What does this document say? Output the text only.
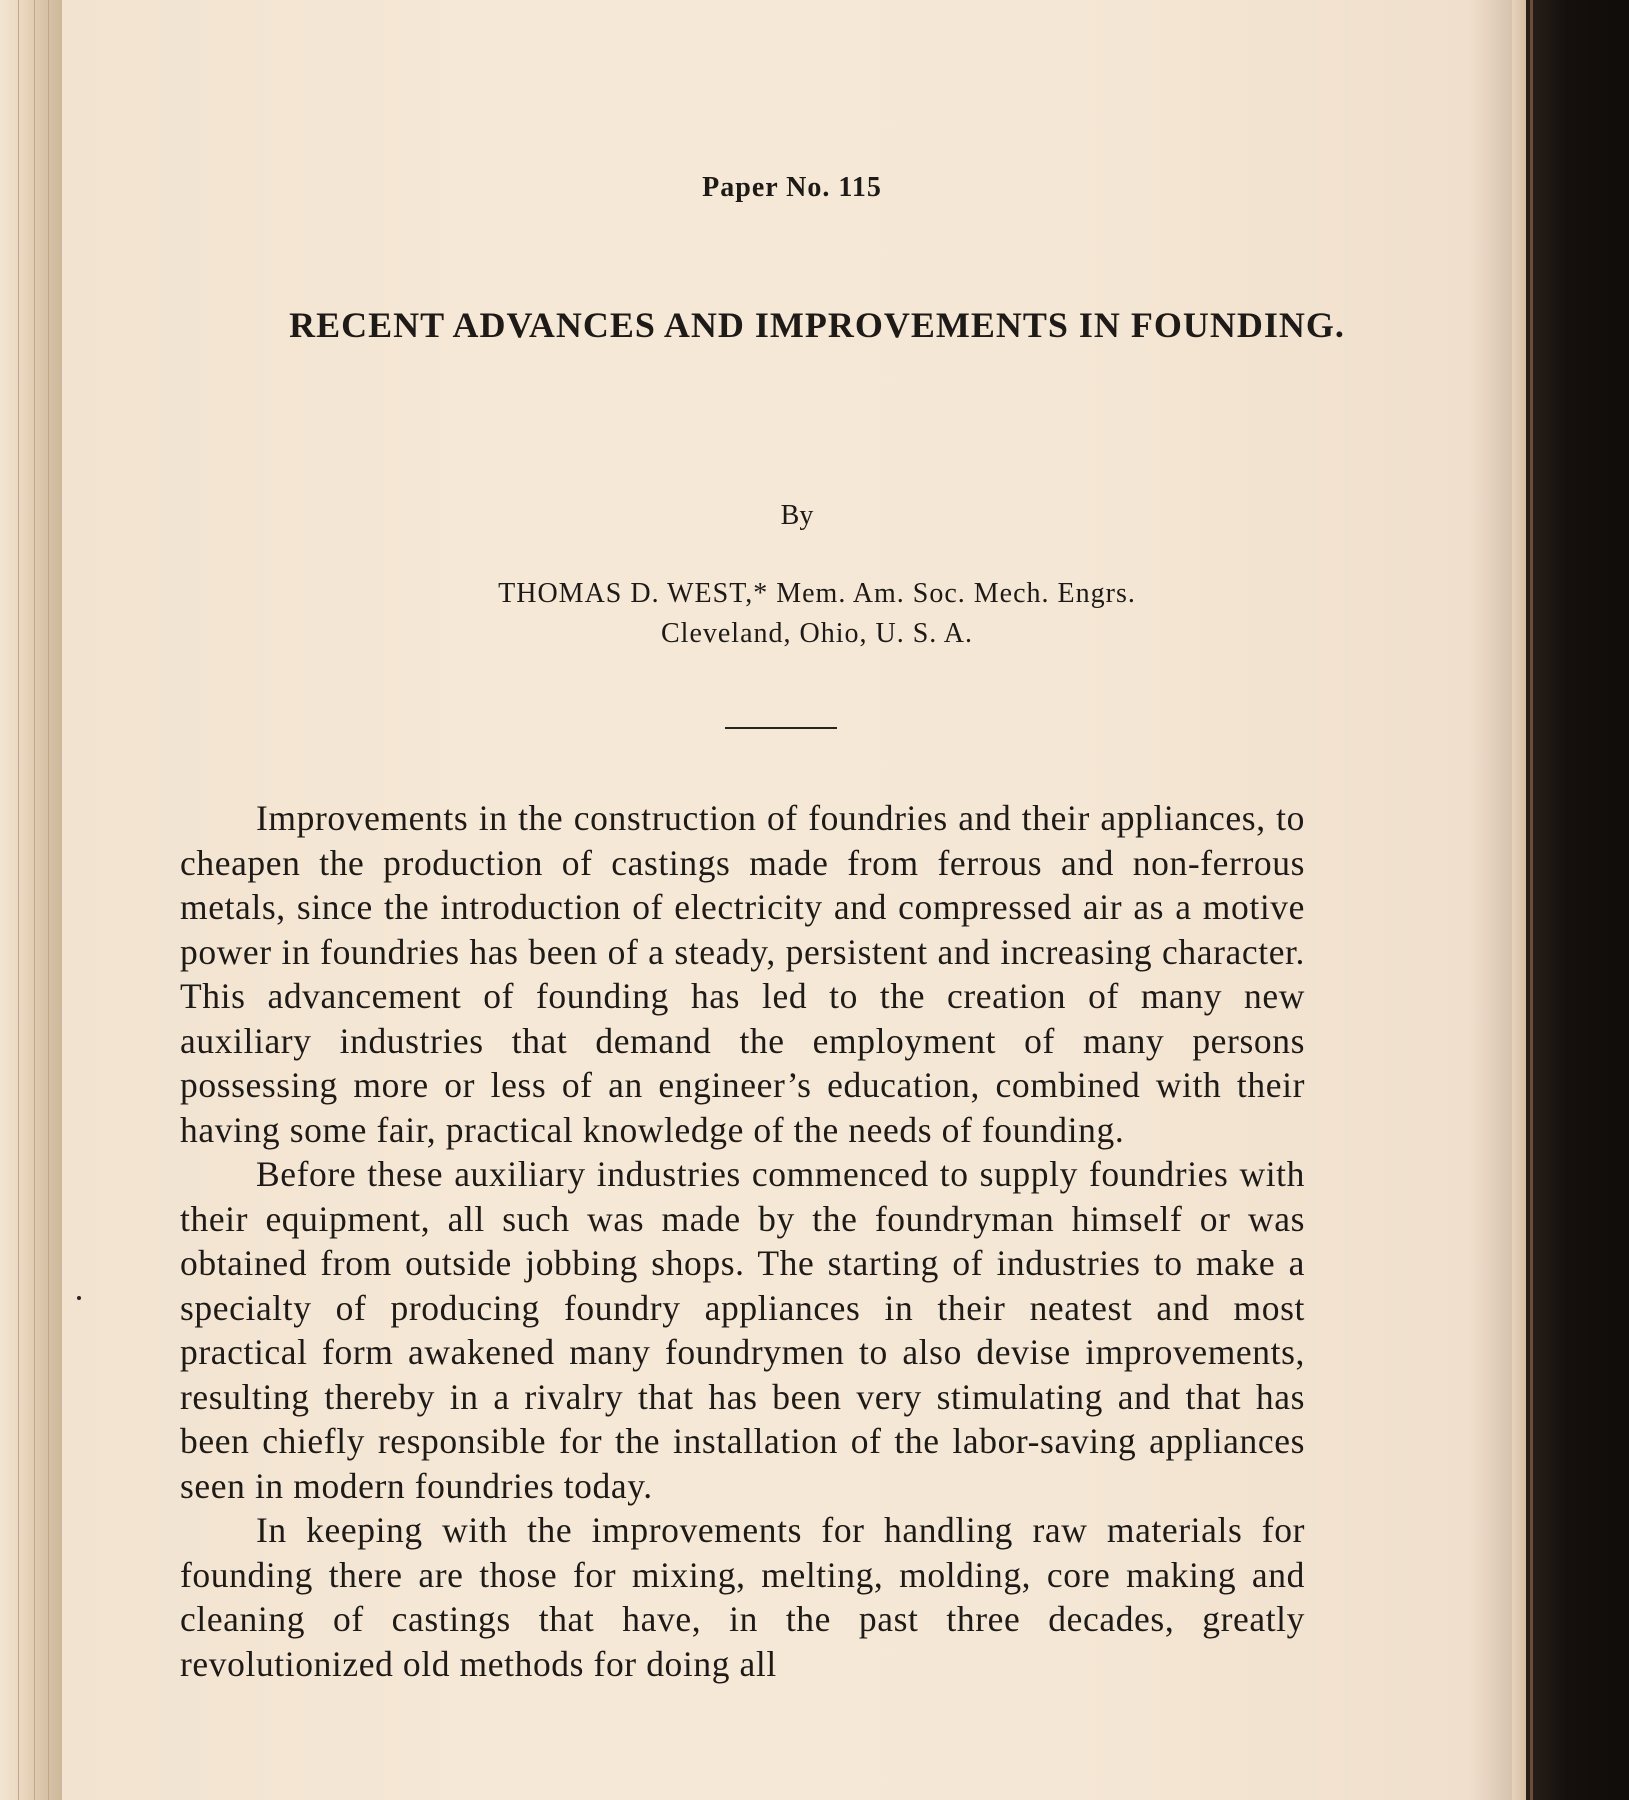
Paper No. 115
RECENT ADVANCES AND IMPROVEMENTS IN FOUNDING.
By
THOMAS D. WEST,* Mem. Am. Soc. Mech. Engrs.
Cleveland, Ohio, U. S. A.

Improvements in the construction of foundries and their appliances, to cheapen the production of castings made from ferrous and non-ferrous metals, since the introduction of electricity and compressed air as a motive power in foundries has been of a steady, persistent and increasing character. This advancement of founding has led to the creation of many new auxiliary industries that demand the employment of many persons possessing more or less of an engineer’s education, combined with their having some fair, practical knowledge of the needs of founding.

Before these auxiliary industries commenced to supply foundries with their equipment, all such was made by the foundryman himself or was obtained from outside jobbing shops. The starting of industries to make a specialty of producing foundry appliances in their neatest and most practical form awakened many foundrymen to also devise improvements, resulting thereby in a rivalry that has been very stimulating and that has been chiefly responsible for the installation of the labor-saving appliances seen in modern foundries today.

In keeping with the improvements for handling raw materials for founding there are those for mixing, melting, molding, core making and cleaning of castings that have, in the past three decades, greatly revolutionized old methods for doing all
